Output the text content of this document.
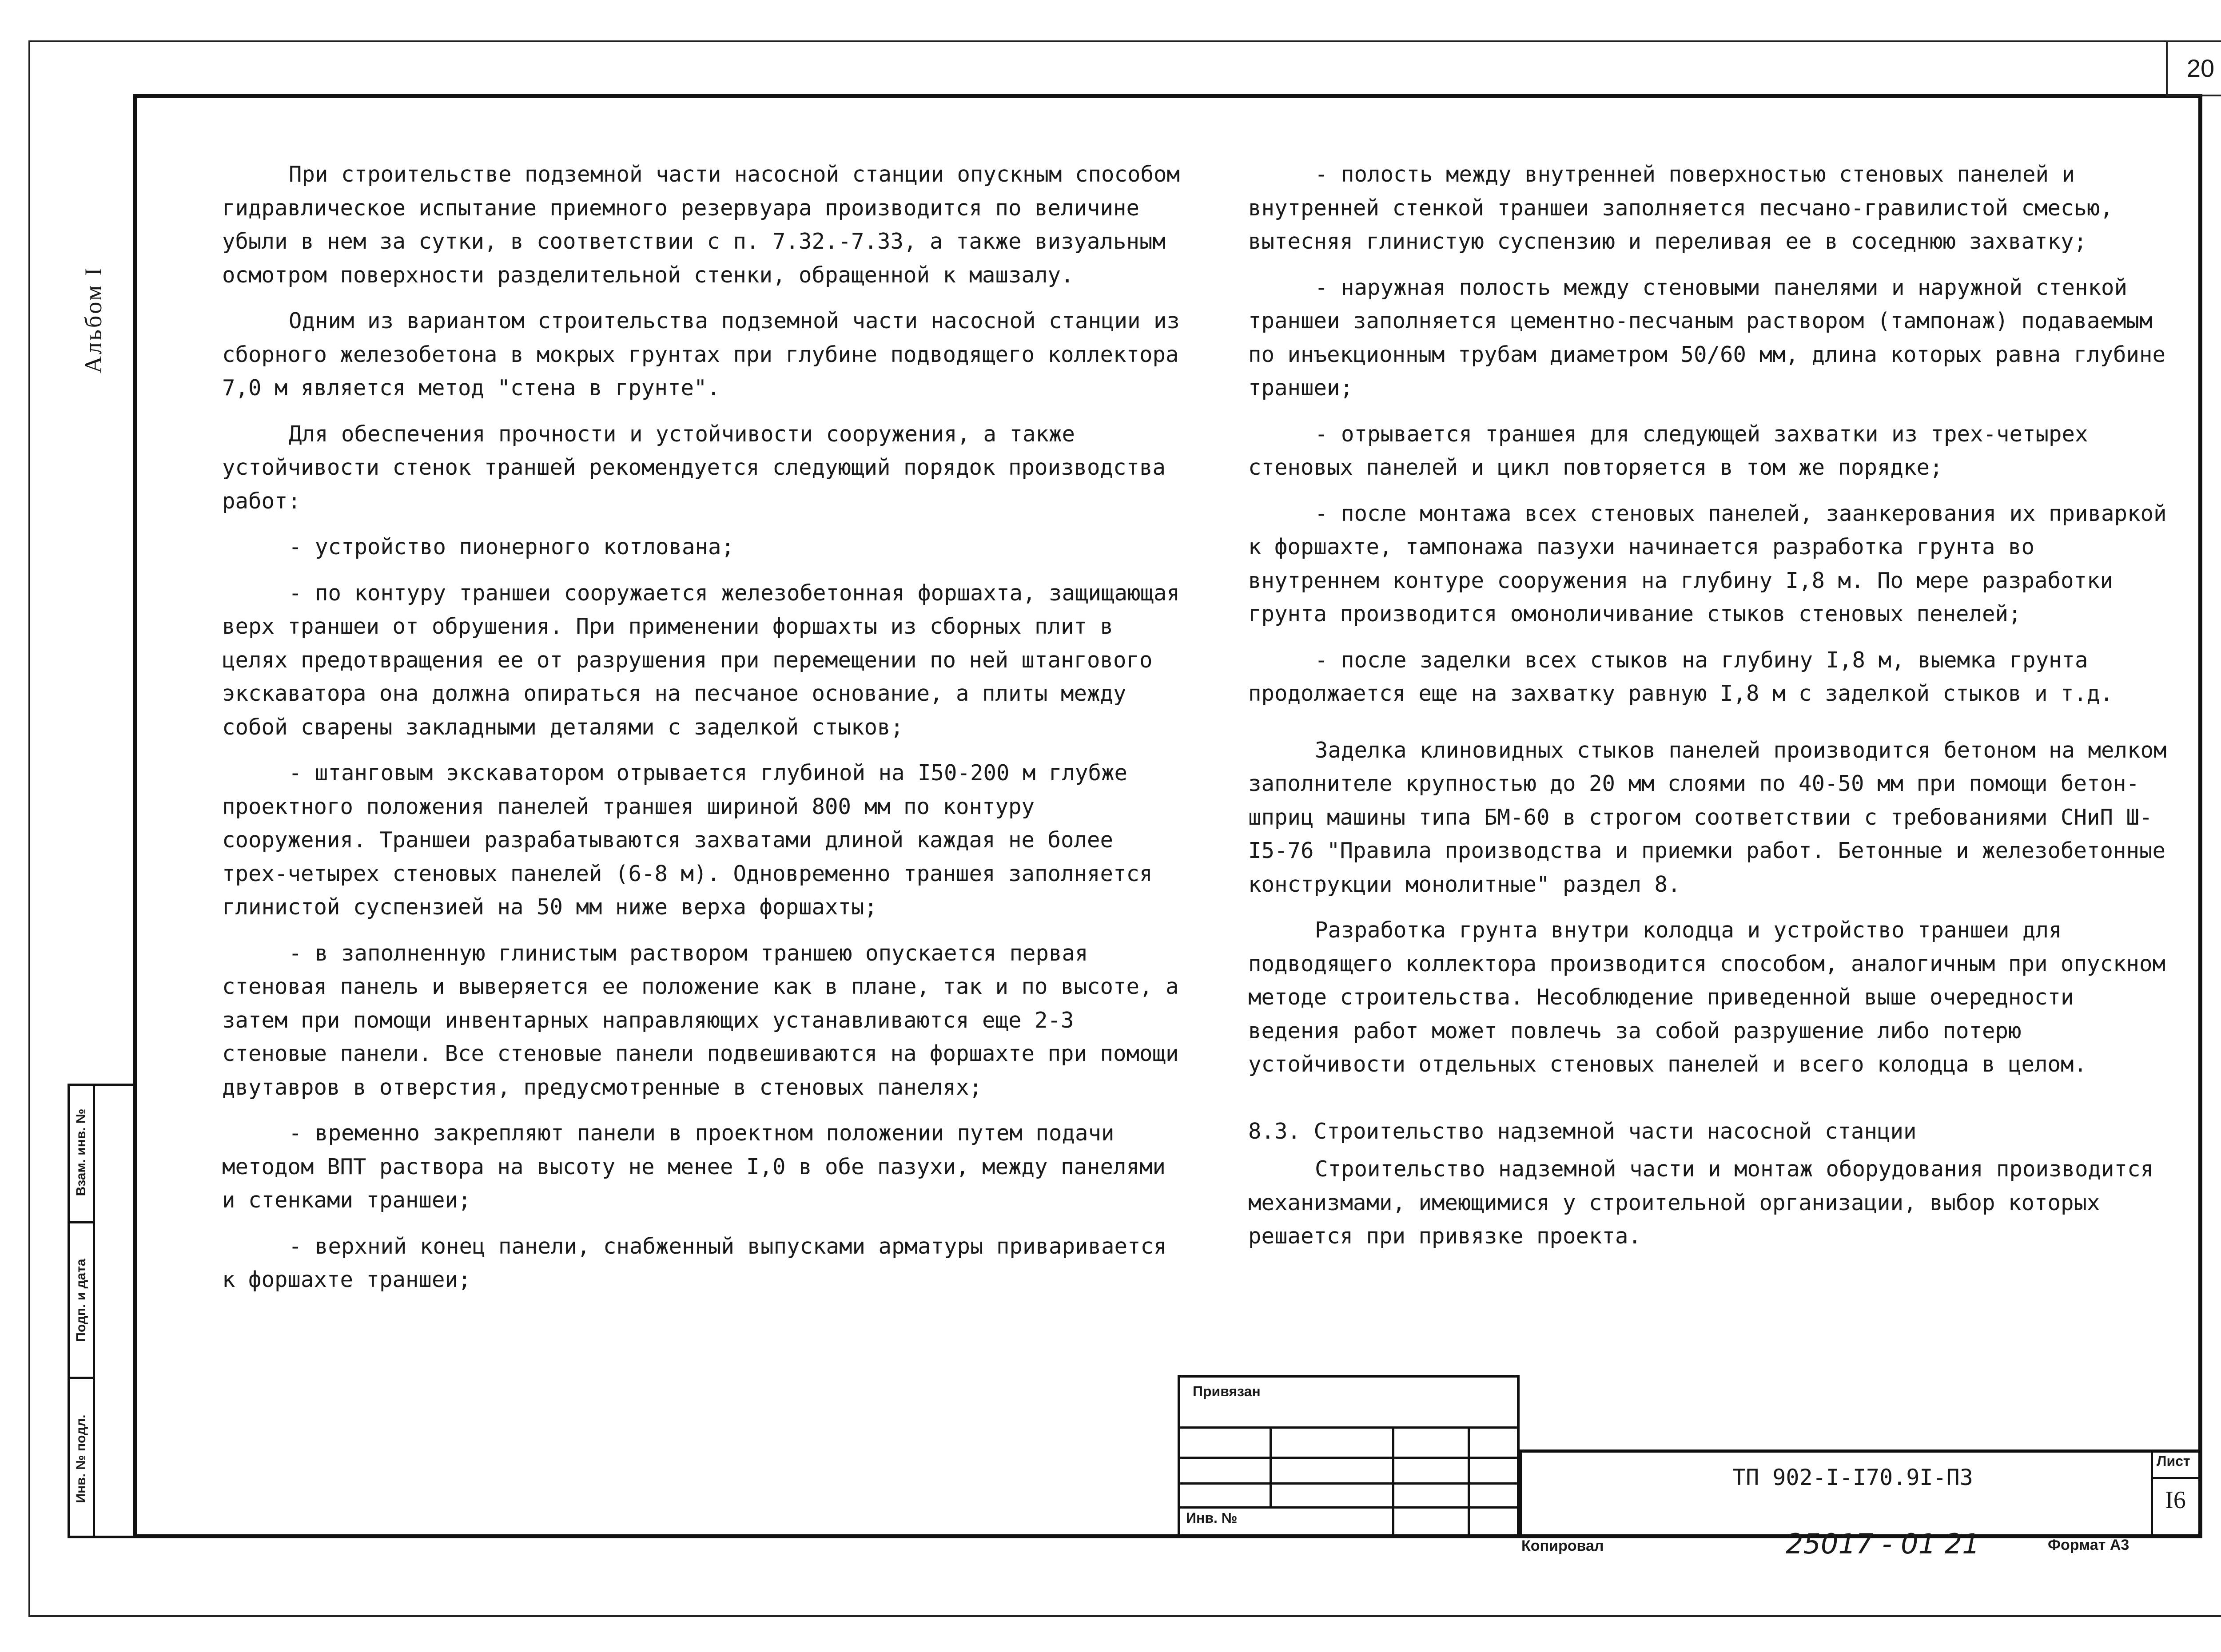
20
Альбом I
Взам. инв. №
Подп. и дата
Инв. № подл.

При строительстве подземной части насосной станции опускным способом гидравлическое испытание приемного резервуара производится по величине убыли в нем за сутки, в соответствии с п. 7.32.-7.33, а также визуальным осмотром поверхности разделительной стенки, обращенной к машзалу.

Одним из вариантом строительства подземной части насосной станции из сборного железобетона в мокрых грунтах при глубине подводящего коллектора 7,0 м является метод "стена в грунте".

Для обеспечения прочности и устойчивости сооружения, а также устойчивости стенок траншей рекомендуется следующий порядок производства работ:

- устройство пионерного котлована;

- по контуру траншеи сооружается железобетонная форшахта, защищающая верх траншеи от обрушения. При применении форшахты из сборных плит в целях предотвращения ее от разрушения при перемещении по ней штангового экскаватора она должна опираться на песчаное основание, а плиты между собой сварены закладными деталями с заделкой стыков;

- штанговым экскаватором отрывается глубиной на I50-200 м глубже проектного положения панелей траншея шириной 800 мм по контуру сооружения. Траншеи разрабатываются захватами длиной каждая не более трех-четырех стеновых панелей (6-8 м). Одновременно траншея заполняется глинистой суспензией на 50 мм ниже верха форшахты;

- в заполненную глинистым раствором траншею опускается первая стеновая панель и выверяется ее положение как в плане, так и по высоте, а затем при помощи инвентарных направляющих устанавливаются еще 2-3 стеновые панели. Все стеновые панели подвешиваются на форшахте при помощи двутавров в отверстия, предусмотренные в стеновых панелях;

- временно закрепляют панели в проектном положении путем подачи методом ВПТ раствора на высоту не менее I,0 в обе пазухи, между панелями и стенками траншеи;

- верхний конец панели, снабженный выпусками арматуры приваривается к форшахте траншеи;

- полость между внутренней поверхностью стеновых панелей и внутренней стенкой траншеи заполняется песчано-гравилистой смесью, вытесняя глинистую суспензию и переливая ее в соседнюю захватку;

- наружная полость между стеновыми панелями и наружной стенкой траншеи заполняется цементно-песчаным раствором (тампонаж) подаваемым по инъекционным трубам диаметром 50/60 мм, длина которых равна глубине траншеи;

- отрывается траншея для следующей захватки из трех-четырех стеновых панелей и цикл повторяется в том же порядке;

- после монтажа всех стеновых панелей, заанкерования их приваркой к форшахте, тампонажа пазухи начинается разработка грунта во внутреннем контуре сооружения на глубину I,8 м. По мере разработки грунта производится омоноличивание стыков стеновых пенелей;

- после заделки всех стыков на глубину I,8 м, выемка грунта продолжается еще на захватку равную I,8 м с заделкой стыков и т.д.

Заделка клиновидных стыков панелей производится бетоном на мелком заполнителе крупностью до 20 мм слоями по 40-50 мм при помощи бетон-шприц машины типа БМ-60 в строгом соответствии с требованиями СНиП Ш-I5-76 "Правила производства и приемки работ. Бетонные и железобетонные конструкции монолитные" раздел 8.

Разработка грунта внутри колодца и устройство траншеи для подводящего коллектора производится способом, аналогичным при опускном методе строительства. Несоблюдение приведенной выше очередности ведения работ может повлечь за собой разрушение либо потерю устойчивости отдельных стеновых панелей и всего колодца в целом.

8.3. Строительство надземной части насосной станции

Строительство надземной части и монтаж оборудования производится механизмами, имеющимися у строительной организации, выбор которых решается при привязке проекта.

Привязан
Инв. №
Лист
ТП 902-I-I70.9I-ПЗ
I6
Копировал	25017 - 01 21	Формат А3
